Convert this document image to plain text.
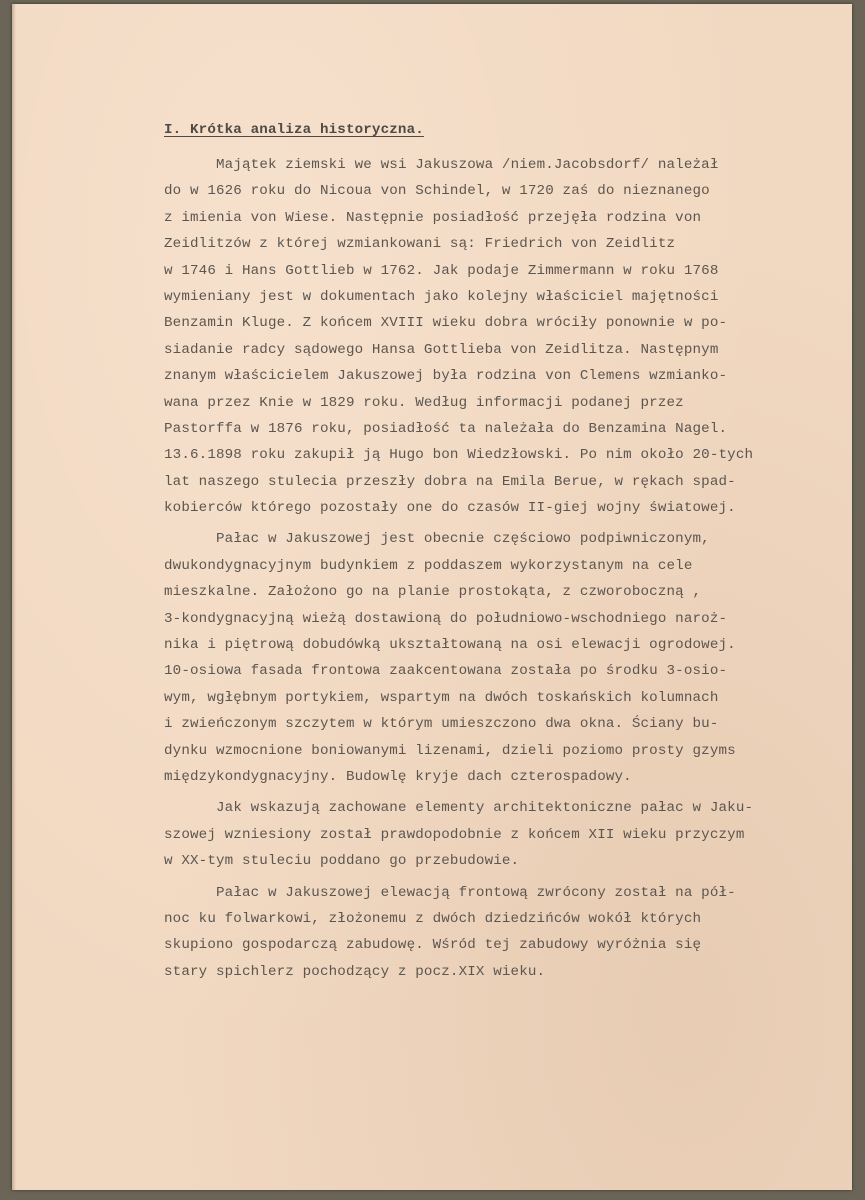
I. Krótka analiza historyczna.
Majątek ziemski we wsi Jakuszowa /niem.Jacobsdorf/ należał
do w 1626 roku do Nicoua von Schindel, w 1720 zaś do nieznanego
z imienia von Wiese. Następnie posiadłość przejęła rodzina von
Zeidlitzów z której wzmiankowani są: Friedrich von Zeidlitz
w 1746 i Hans Gottlieb w 1762. Jak podaje Zimmermann w roku 1768
wymieniany jest w dokumentach jako kolejny właściciel majętności
Benzamin Kluge. Z końcem XVIII wieku dobra wróciły ponownie w po-
siadanie radcy sądowego Hansa Gottlieba von Zeidlitza. Następnym
znanym właścicielem Jakuszowej była rodzina von Clemens wzmianko-
wana przez Knie w 1829 roku. Według informacji podanej przez
Pastorffa w 1876 roku, posiadłość ta należała do Benzamina Nagel.
13.6.1898 roku zakupił ją Hugo bon Wiedzłowski. Po nim około 20-tych
lat naszego stulecia przeszły dobra na Emila Berue, w rękach spad-
kobierców którego pozostały one do czasów II-giej wojny światowej.
Pałac w Jakuszowej jest obecnie częściowo podpiwniczonym,
dwukondygnacyjnym budynkiem z poddaszem wykorzystanym na cele
mieszkalne. Założono go na planie prostokąta, z czworoboczną ,
3-kondygnacyjną wieżą dostawioną do południowo-wschodniego naroż-
nika i piętrową dobudówką ukształtowaną na osi elewacji ogrodowej.
10-osiowa fasada frontowa zaakcentowana została po środku 3-osio-
wym, wgłębnym portykiem, wspartym na dwóch toskańskich kolumnach
i zwieńczonym szczytem w którym umieszczono dwa okna. Ściany bu-
dynku wzmocnione boniowanymi lizenami, dzieli poziomo prosty gzyms
międzykondygnacyjny. Budowlę kryje dach czterospadowy.
Jak wskazują zachowane elementy architektoniczne pałac w Jaku-
szowej wzniesiony został prawdopodobnie z końcem XII wieku przyczym
w XX-tym stuleciu poddano go przebudowie.
Pałac w Jakuszowej elewacją frontową zwrócony został na pół-
noc ku folwarkowi, złożonemu z dwóch dziedzińców wokół których
skupiono gospodarczą zabudowę. Wśród tej zabudowy wyróżnia się
stary spichlerz pochodzący z pocz.XIX wieku.
